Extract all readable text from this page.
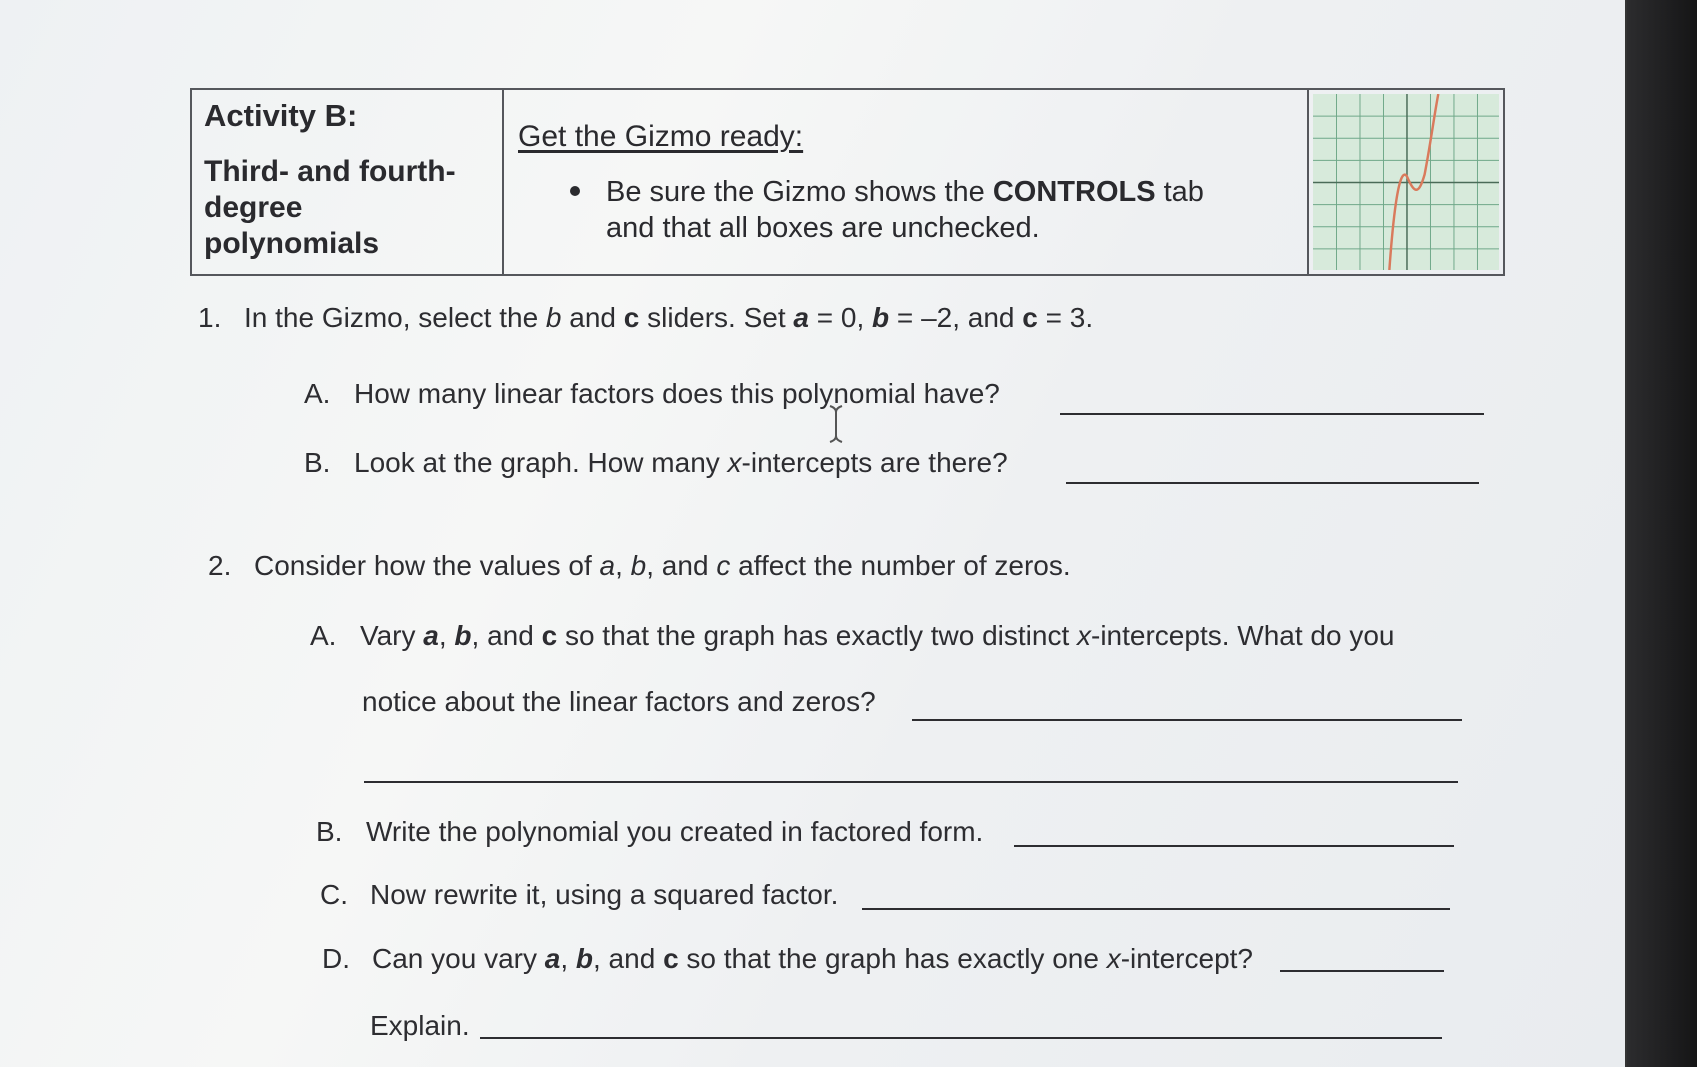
Activity B:
Third- and fourth-
degree
polynomials
Get the Gizmo ready:
Be sure the Gizmo shows the CONTROLS tab
and that all boxes are unchecked.
1. In the Gizmo, select the b and c sliders. Set a = 0, b = –2, and c = 3.
A. How many linear factors does this polynomial have?
B. Look at the graph. How many x-intercepts are there?
2. Consider how the values of a, b, and c affect the number of zeros.
A. Vary a, b, and c so that the graph has exactly two distinct x-intercepts. What do you
notice about the linear factors and zeros?
B. Write the polynomial you created in factored form.
C. Now rewrite it, using a squared factor.
D. Can you vary a, b, and c so that the graph has exactly one x-intercept?
Explain.
